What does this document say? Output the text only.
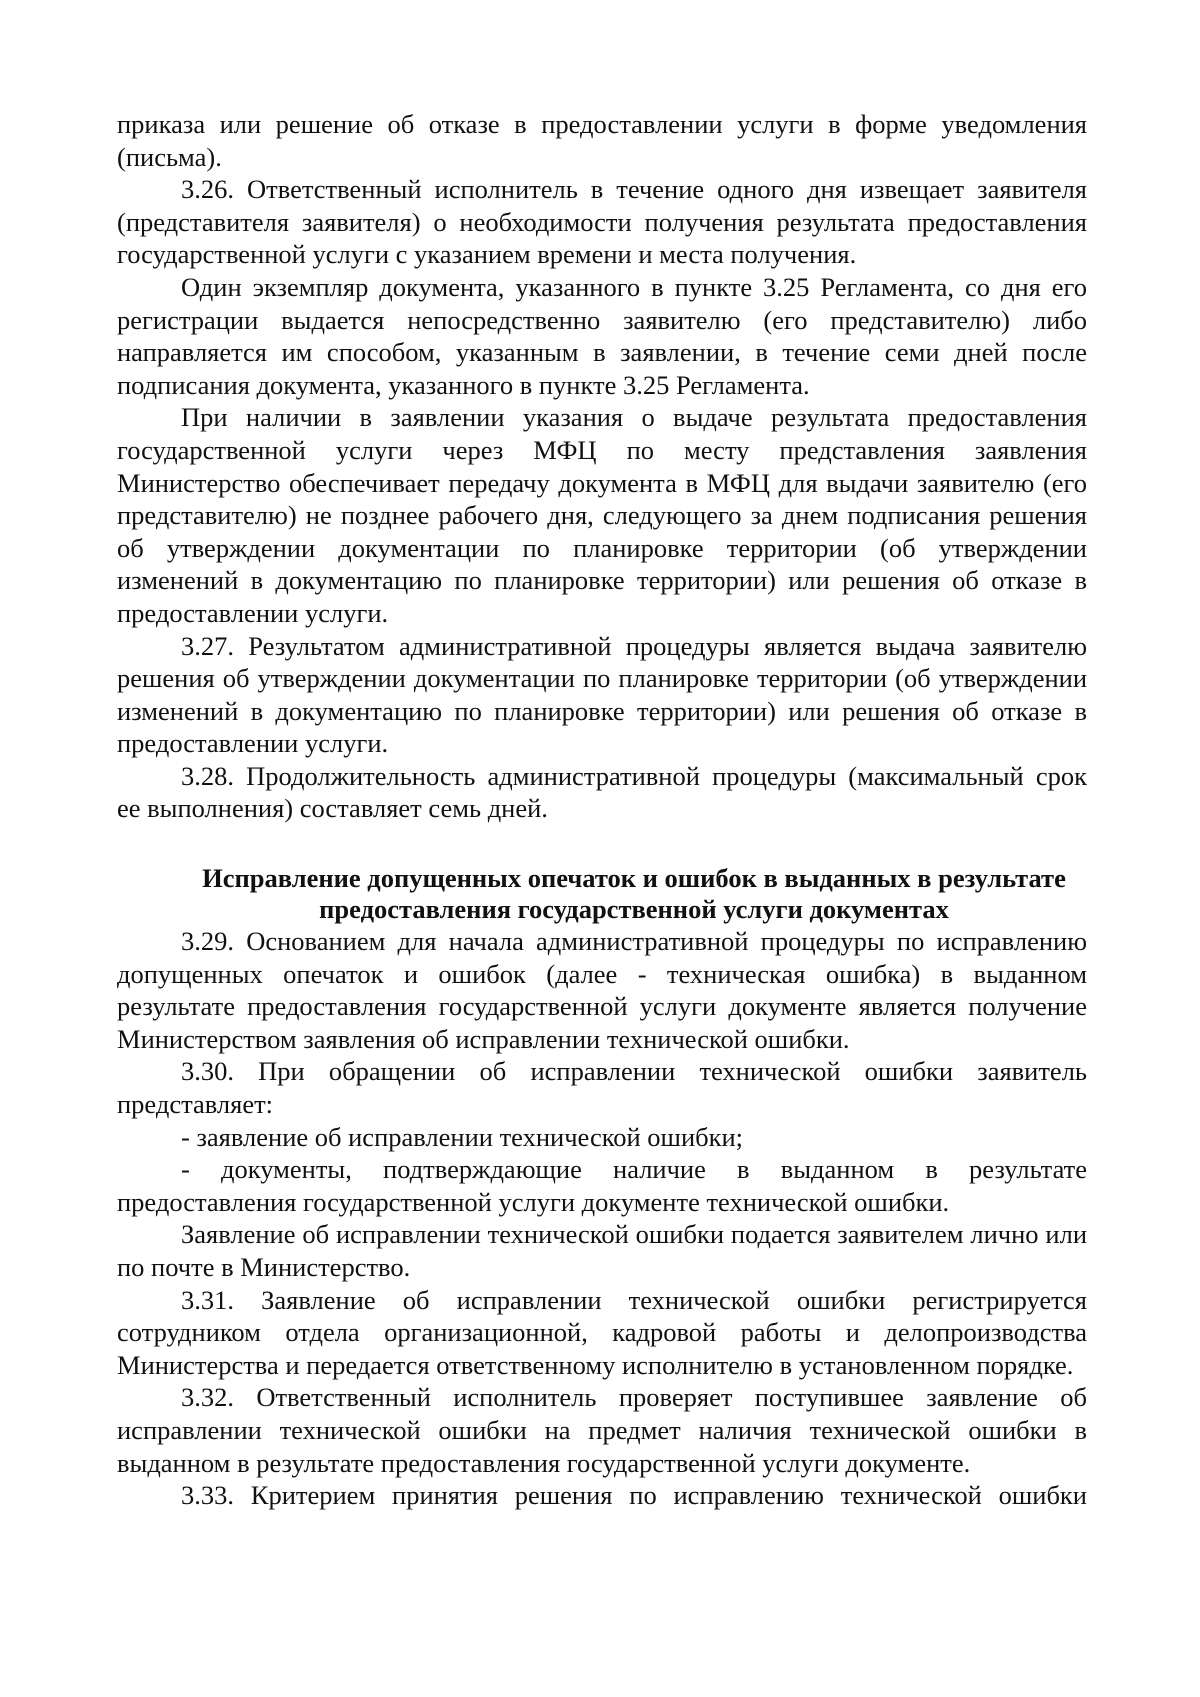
приказа или решение об отказе в предоставлении услуги в форме уведомления (письма).

3.26. Ответственный исполнитель в течение одного дня извещает заявителя (представителя заявителя) о необходимости получения результата предоставления государственной услуги с указанием времени и места получения.

Один экземпляр документа, указанного в пункте 3.25 Регламента, со дня его регистрации выдается непосредственно заявителю (его представителю) либо направляется им способом, указанным в заявлении, в течение семи дней после подписания документа, указанного в пункте 3.25 Регламента.

При наличии в заявлении указания о выдаче результата предоставления государственной услуги через МФЦ по месту представления заявления Министерство обеспечивает передачу документа в МФЦ для выдачи заявителю (его представителю) не позднее рабочего дня, следующего за днем подписания решения об утверждении документации по планировке территории (об утверждении изменений в документацию по планировке территории) или решения об отказе в предоставлении услуги.

3.27. Результатом административной процедуры является выдача заявителю решения об утверждении документации по планировке территории (об утверждении изменений в документацию по планировке территории) или решения об отказе в предоставлении услуги.

3.28. Продолжительность административной процедуры (максимальный срок ее выполнения) составляет семь дней.

Исправление допущенных опечаток и ошибок в выданных в результате
предоставления государственной услуги документах

3.29. Основанием для начала административной процедуры по исправлению допущенных опечаток и ошибок (далее - техническая ошибка) в выданном результате предоставления государственной услуги документе является получение Министерством заявления об исправлении технической ошибки.

3.30. При обращении об исправлении технической ошибки заявитель представляет:

- заявление об исправлении технической ошибки;

- документы, подтверждающие наличие в выданном в результате предоставления государственной услуги документе технической ошибки.

Заявление об исправлении технической ошибки подается заявителем лично или по почте в Министерство.

3.31. Заявление об исправлении технической ошибки регистрируется сотрудником отдела организационной, кадровой работы и делопроизводства Министерства и передается ответственному исполнителю в установленном порядке.

3.32. Ответственный исполнитель проверяет поступившее заявление об исправлении технической ошибки на предмет наличия технической ошибки в выданном в результате предоставления государственной услуги документе.

3.33. Критерием принятия решения по исправлению технической ошибки
